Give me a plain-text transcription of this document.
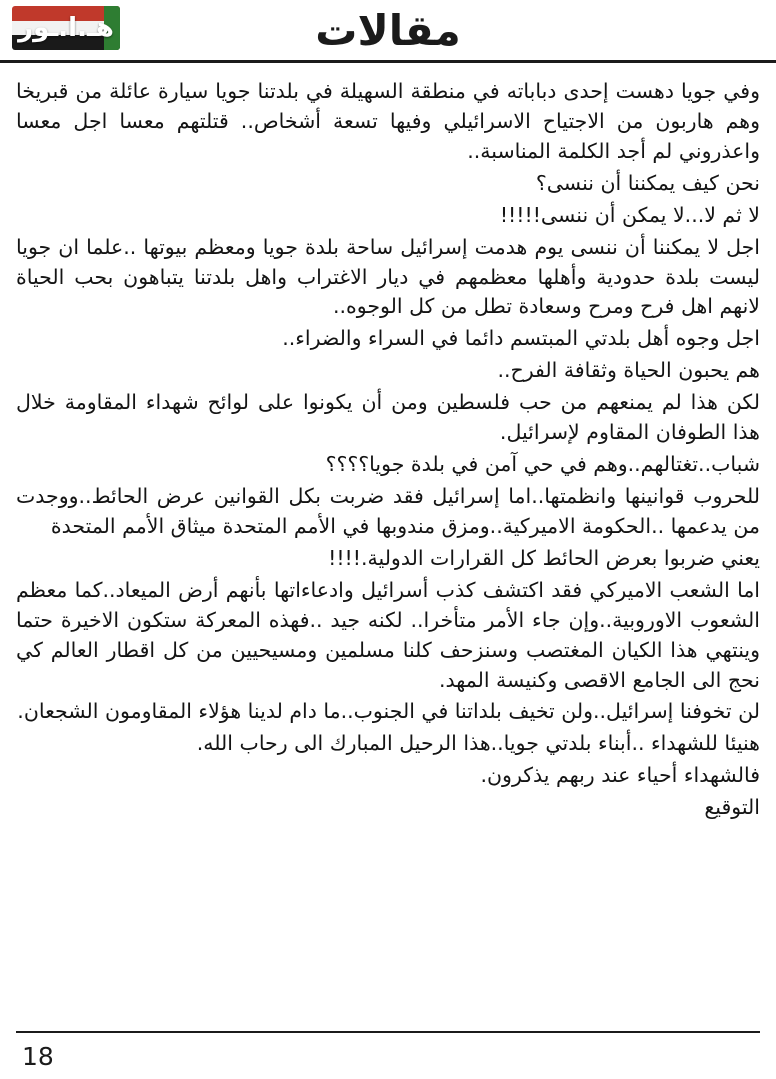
هـ.ا.ـور	مقالات

وفي جويا دهست إحدى دباباته في منطقة السهيلة في بلدتنا جويا سيارة عائلة من قبريخا وهم هاربون من الاجتياح الاسرائيلي وفيها تسعة أشخاص.. قتلتهم معسا اجل معسا واعذروني لم أجد الكلمة المناسبة..

نحن كيف يمكننا أن ننسى؟

لا ثم لا...لا يمكن أن ننسى!!!!!

اجل لا يمكننا أن ننسى يوم هدمت إسرائيل ساحة بلدة جويا ومعظم بيوتها ..علما ان جويا ليست بلدة حدودية وأهلها معظمهم في ديار الاغتراب واهل بلدتنا يتباهون بحب الحياة لانهم اهل فرح ومرح وسعادة تطل من كل الوجوه..

اجل وجوه أهل بلدتي المبتسم دائما في السراء والضراء..

هم يحبون الحياة وثقافة الفرح..

لكن هذا لم يمنعهم من حب فلسطين ومن أن يكونوا على لوائح شهداء المقاومة خلال هذا الطوفان المقاوم لإسرائيل.

شباب..تغتالهم..وهم في حي آمن في بلدة جويا؟؟؟؟

للحروب قوانينها وانظمتها..اما إسرائيل فقد ضربت بكل القوانين عرض الحائط..ووجدت من يدعمها ..الحكومة الاميركية..ومزق مندوبها في الأمم المتحدة ميثاق الأمم المتحدة

يعني ضربوا بعرض الحائط كل القرارات الدولية.!!!!

اما الشعب الاميركي فقد اكتشف كذب أسرائيل وادعاءاتها بأنهم أرض الميعاد..كما معظم الشعوب الاوروبية..وإن جاء الأمر متأخرا.. لكنه جيد ..فهذه المعركة ستكون الاخيرة حتما وينتهي هذا الكيان المغتصب وسنزحف كلنا مسلمين ومسيحيين من كل اقطار العالم كي نحج الى الجامع الاقصى وكنيسة المهد.

لن تخوفنا إسرائيل..ولن تخيف بلداتنا في الجنوب..ما دام لدينا هؤلاء المقاومون الشجعان.

هنيئا للشهداء ..أبناء بلدتي جويا..هذا الرحيل المبارك الى رحاب الله.

فالشهداء أحياء عند ربهم يذكرون.

التوقيع

18
